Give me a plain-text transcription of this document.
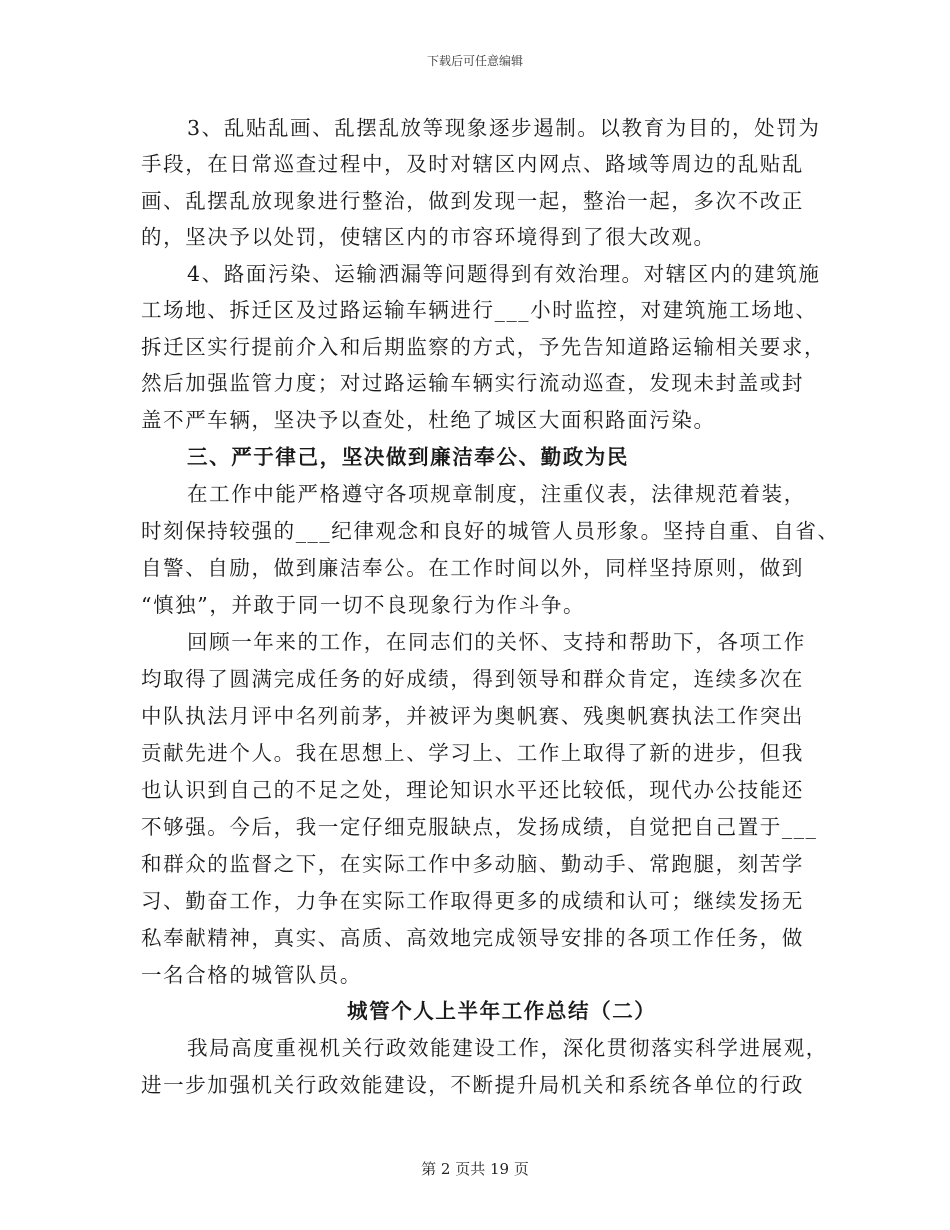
下载后可任意编辑
3、乱贴乱画、乱摆乱放等现象逐步遏制。以教育为目的，处罚为
手段，在日常巡查过程中，及时对辖区内网点、路域等周边的乱贴乱
画、乱摆乱放现象进行整治，做到发现一起，整治一起，多次不改正
的，坚决予以处罚，使辖区内的市容环境得到了很大改观。
4、路面污染、运输洒漏等问题得到有效治理。对辖区内的建筑施
工场地、拆迁区及过路运输车辆进行___小时监控，对建筑施工场地、
拆迁区实行提前介入和后期监察的方式，予先告知道路运输相关要求，
然后加强监管力度；对过路运输车辆实行流动巡查，发现未封盖或封
盖不严车辆，坚决予以查处，杜绝了城区大面积路面污染。
三、严于律己，坚决做到廉洁奉公、勤政为民
在工作中能严格遵守各项规章制度，注重仪表，法律规范着装，
时刻保持较强的___纪律观念和良好的城管人员形象。坚持自重、自省、
自警、自励，做到廉洁奉公。在工作时间以外，同样坚持原则，做到
“慎独”，并敢于同一切不良现象行为作斗争。
回顾一年来的工作，在同志们的关怀、支持和帮助下，各项工作
均取得了圆满完成任务的好成绩，得到领导和群众肯定，连续多次在
中队执法月评中名列前茅，并被评为奥帆赛、残奥帆赛执法工作突出
贡献先进个人。我在思想上、学习上、工作上取得了新的进步，但我
也认识到自己的不足之处，理论知识水平还比较低，现代办公技能还
不够强。今后，我一定仔细克服缺点，发扬成绩，自觉把自己置于___
和群众的监督之下，在实际工作中多动脑、勤动手、常跑腿，刻苦学
习、勤奋工作，力争在实际工作取得更多的成绩和认可；继续发扬无
私奉献精神，真实、高质、高效地完成领导安排的各项工作任务，做
一名合格的城管队员。
城管个人上半年工作总结（二）
我局高度重视机关行政效能建设工作，深化贯彻落实科学进展观，
进一步加强机关行政效能建设，不断提升局机关和系统各单位的行政
第 2 页共 19 页
